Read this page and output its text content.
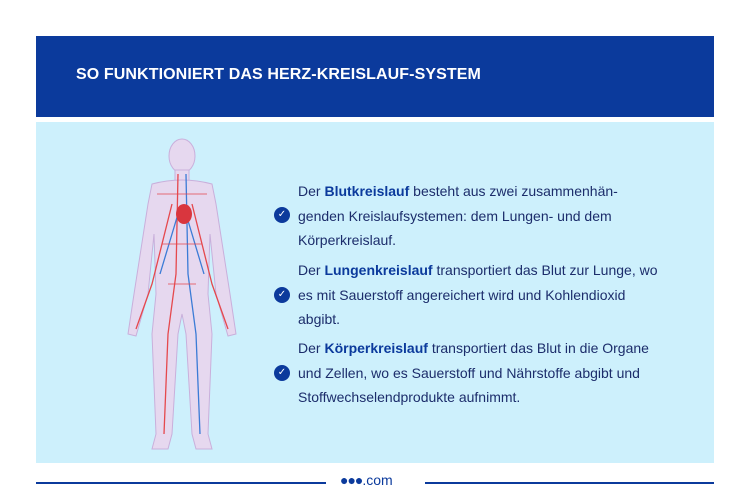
SO FUNKTIONIERT DAS HERZ-KREISLAUF-SYSTEM
✓
Der Blutkreislauf besteht aus zwei zusammenhän-genden Kreislaufsystemen: dem Lungen- und dem Körperkreislauf.
✓
Der Lungenkreislauf transportiert das Blut zur Lunge, wo es mit Sauerstoff angereichert wird und Kohlendioxid abgibt.
✓
Der Körperkreislauf transportiert das Blut in die Organe und Zellen, wo es Sauerstoff und Nährstoffe abgibt und Stoffwechselendprodukte aufnimmt.
●●●.com
